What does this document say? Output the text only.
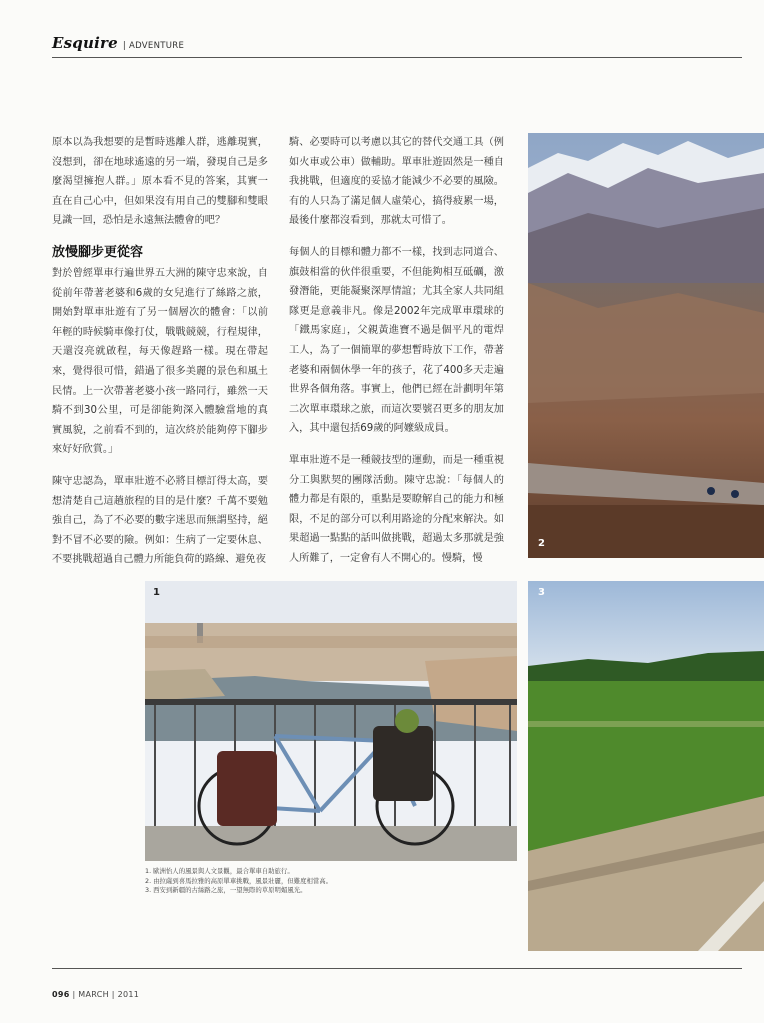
Esquire | ADVENTURE

原本以為我想要的是暫時逃離人群，逃離現實，沒想到，卻在地球遙遠的另一端，發現自己是多麼渴望擁抱人群。」原本看不見的答案，其實一直在自己心中，但如果沒有用自己的雙腳和雙眼見識一回，恐怕是永遠無法體會的吧？

放慢腳步更從容

對於曾經單車行遍世界五大洲的陳守忠來說，自從前年帶著老婆和6歲的女兒進行了絲路之旅，開始對單車壯遊有了另一個層次的體會：「以前年輕的時候騎車像打仗，戰戰競競，行程規律，天還沒亮就啟程，每天像趕路一樣。現在帶起來，覺得很可惜，錯過了很多美麗的景色和風土民情。上一次帶著老婆小孩一路同行，雖然一天騎不到30公里，可是卻能夠深入體驗當地的真實風貌，之前看不到的，這次終於能夠停下腳步來好好欣賞。」

陳守忠認為，單車壯遊不必將目標訂得太高，要想清楚自己這趟旅程的目的是什麼？千萬不要勉強自己，為了不必要的數字迷思而無謂堅持，絕對不冒不必要的險。例如：生病了一定要休息、不要挑戰超過自己體力所能負荷的路線、避免夜

騎、必要時可以考慮以其它的替代交通工具（例如火車或公車）做輔助。單車壯遊固然是一種自我挑戰，但適度的妥協才能減少不必要的風險。有的人只為了滿足個人虛榮心，搞得疲累一場，最後什麼都沒看到，那就太可惜了。

每個人的目標和體力都不一樣，找到志同道合、旗鼓相當的伙伴很重要，不但能夠相互砥礪，激發潛能，更能凝聚深厚情誼；尤其全家人共同組隊更是意義非凡。像是2002年完成單車環球的「鐵馬家庭」，父親黃進寶不過是個平凡的電焊工人，為了一個簡單的夢想暫時放下工作，帶著老婆和兩個休學一年的孩子，花了400多天走遍世界各個角落。事實上，他們已經在計劃明年第二次單車環球之旅，而這次要號召更多的朋友加入，其中還包括69歲的阿嬤級成員。

單車壯遊不是一種競技型的運動，而是一種重視分工與默契的團隊活動。陳守忠說：「每個人的體力都是有限的，重點是要瞭解自己的能力和極限，不足的部分可以利用路途的分配來解決。如果超過一點點的話叫做挑戰，超過太多那就是強人所難了，一定會有人不開心的。慢騎，慢

2
1	3
1. 歐洲怡人的風景與人文景觀，最合單車自助旅行。
2. 由拉薩到喜馬拉雅的高原單車挑戰，風景壯麗，但難度相當高。
3. 西安到新疆的古絲路之旅，一望無際的草原明媚風光。
096 | MARCH | 2011
